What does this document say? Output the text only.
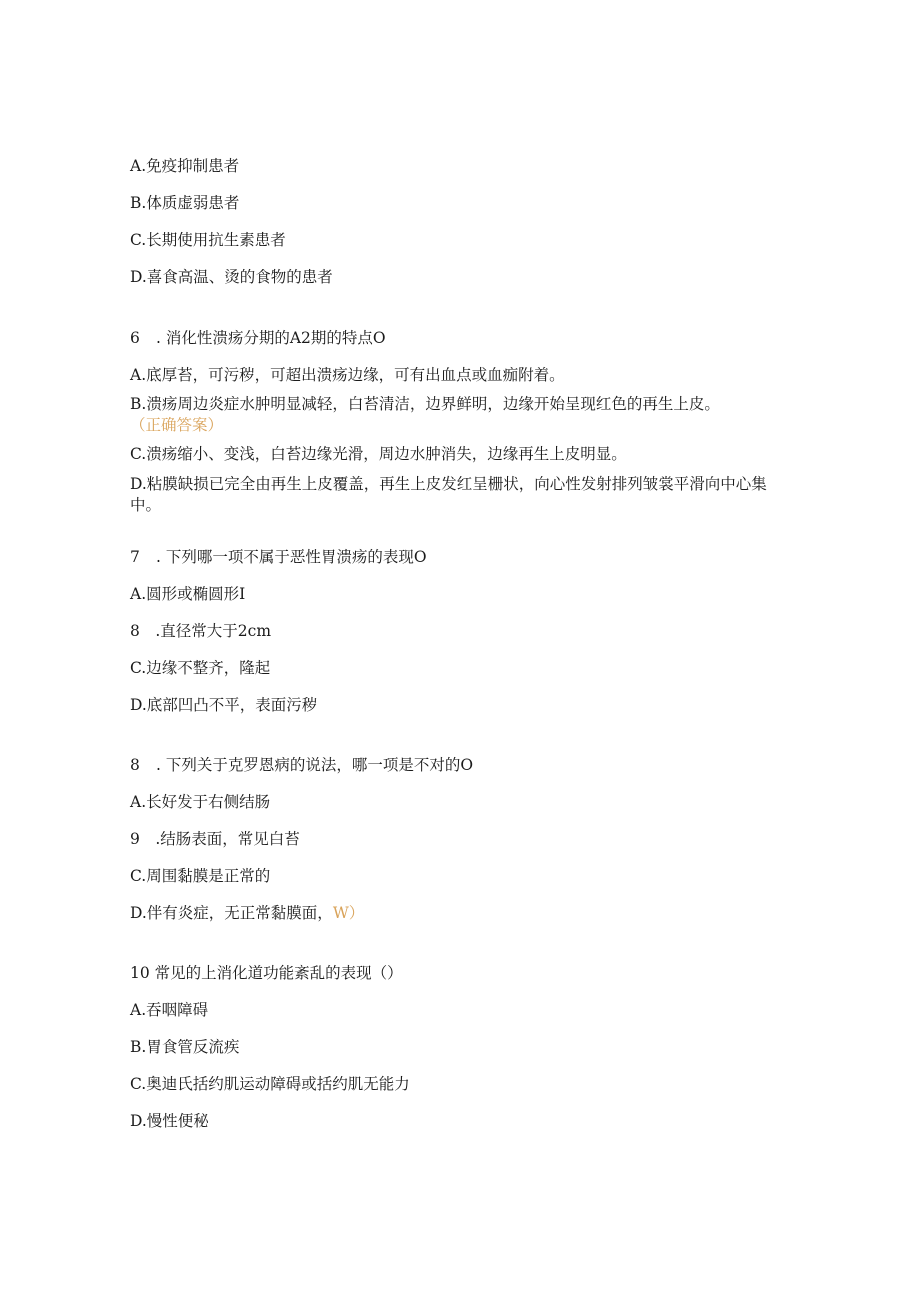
A.免疫抑制患者
B.体质虚弱患者
C.长期使用抗生素患者
D.喜食高温、烫的食物的患者
6 . 消化性溃疡分期的A2期的特点O
A.底厚苔，可污秽，可超出溃疡边缘，可有出血点或血痂附着。
B.溃疡周边炎症水肿明显减轻，白苔清洁，边界鲜明，边缘开始呈现红色的再生上皮。
（正确答案）
C.溃疡缩小、变浅，白苔边缘光滑，周边水肿消失，边缘再生上皮明显。
D.粘膜缺损已完全由再生上皮覆盖，再生上皮发红呈栅状，向心性发射排列皱裳平滑向中心集中。
7 . 下列哪一项不属于恶性胃溃疡的表现O
A.圆形或椭圆形I
8　.直径常大于2cm
C.边缘不整齐，隆起
D.底部凹凸不平，表面污秽
8 . 下列关于克罗恩病的说法，哪一项是不对的O
A.长好发于右侧结肠
9　.结肠表面，常见白苔
C.周围黏膜是正常的
D.伴有炎症，无正常黏膜面，W）
10 常见的上消化道功能紊乱的表现（）
A.吞咽障碍
B.胃食管反流疾
C.奥迪氏括约肌运动障碍或括约肌无能力
D.慢性便秘
